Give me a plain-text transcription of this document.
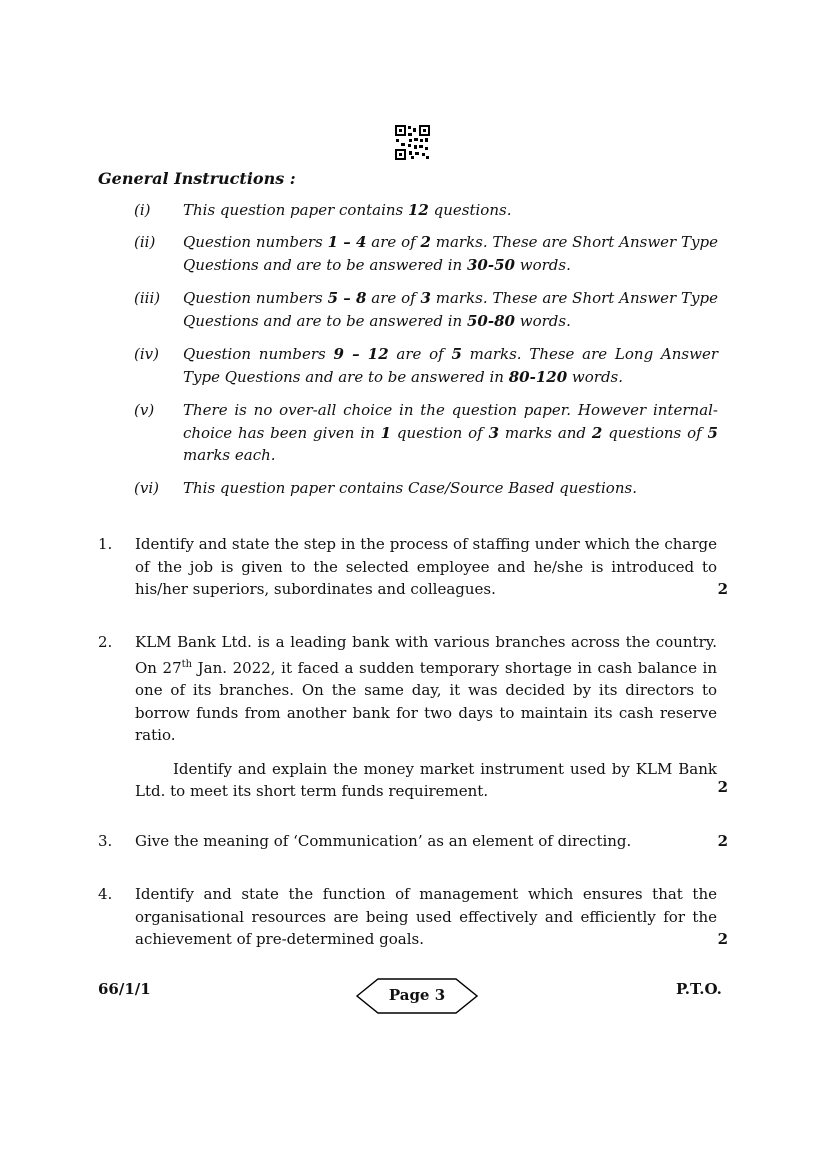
General Instructions :
(i)	This question paper contains 12 questions.
(ii)	Question numbers 1 – 4 are of 2 marks. These are Short Answer Type Questions and are to be answered in 30-50 words.
(iii)	Question numbers 5 – 8 are of 3 marks. These are Short Answer Type Questions and are to be answered in 50-80 words.
(iv)	Question numbers 9 – 12 are of 5 marks. These are Long Answer Type Questions and are to be answered in 80-120 words.
(v)	There is no over-all choice in the question paper. However internal-choice has been given in 1 question of 3 marks and 2 questions of 5 marks each.
(vi)	This question paper contains Case/Source Based questions.
1. Identify and state the step in the process of staffing under which the charge of the job is given to the selected employee and he/she is introduced to his/her superiors, subordinates and colleagues.	2
2. KLM Bank Ltd. is a leading bank with various branches across the country. On 27th Jan. 2022, it faced a sudden temporary shortage in cash balance in one of its branches. On the same day, it was decided by its directors to borrow funds from another bank for two days to maintain its cash reserve ratio.
Identify and explain the money market instrument used by KLM Bank Ltd. to meet its short term funds requirement.	2
3. Give the meaning of ‘Communication’ as an element of directing.	2
4. Identify and state the function of management which ensures that the organisational resources are being used effectively and efficiently for the achievement of pre-determined goals.	2
66/1/1	Page 3	P.T.O.
